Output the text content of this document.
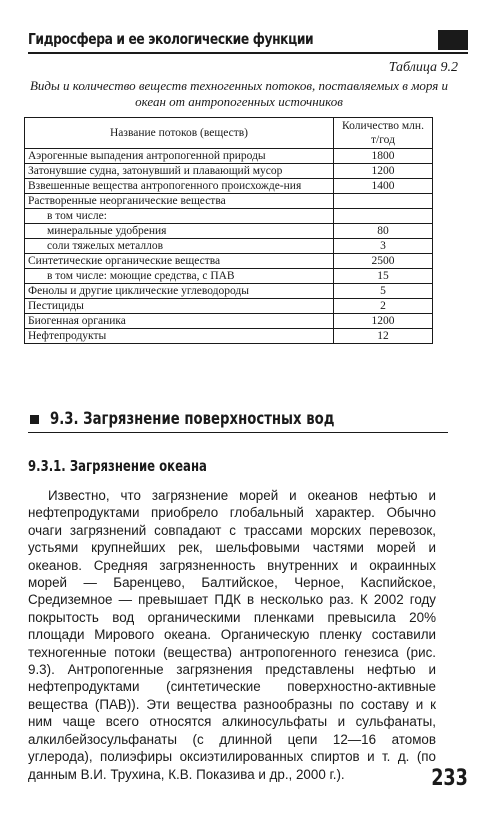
Гидросфера и ее экологические функции
Таблица 9.2
Виды и количество веществ техногенных потоков, поставляемых в моря и океан от антропогенных источников
Название потоков (веществ)	Количество млн. т/год
Аэрогенные выпадения антропогенной природы	1800
Затонувшие судна, затонувший и плавающий мусор	1200
Взвешенные вещества антропогенного происхожде-ния	1400
Растворенные неорганические вещества	
в том числе:	
минеральные удобрения	80
соли тяжелых металлов	3
Синтетические органические вещества	2500
в том числе: моющие средства, с ПАВ	15
Фенолы и другие циклические углеводороды	5
Пестициды	2
Биогенная органика	1200
Нефтепродукты	12
9.3. Загрязнение поверхностных вод
9.3.1. Загрязнение океана

Известно, что загрязнение морей и океанов нефтью и нефтепродуктами приобрело глобальный характер. Обычно очаги загрязнений совпадают с трассами морских перевозок, устьями крупнейших рек, шельфовыми частями морей и океанов. Средняя загрязненность внутренних и окраинных морей — Баренцево, Балтийское, Черное, Каспийское, Средиземное — превышает ПДК в несколько раз. К 2002 году покрытость вод органическими пленками превысила 20% площади Мирового океана. Органическую пленку составили техногенные потоки (вещества) антропогенного генезиса (рис. 9.3). Антропогенные загрязнения представлены нефтью и нефтепродуктами (синтетические поверхностно-активные вещества (ПАВ)). Эти вещества разнообразны по составу и к ним чаще всего относятся алкиносульфаты и сульфанаты, алкилбейзосульфанаты (с длинной цепи 12—16 атомов углерода), полиэфиры оксиэтилированных спиртов и т. д. (по данным В.И. Трухина, К.В. Показива и др., 2000 г.).	233
